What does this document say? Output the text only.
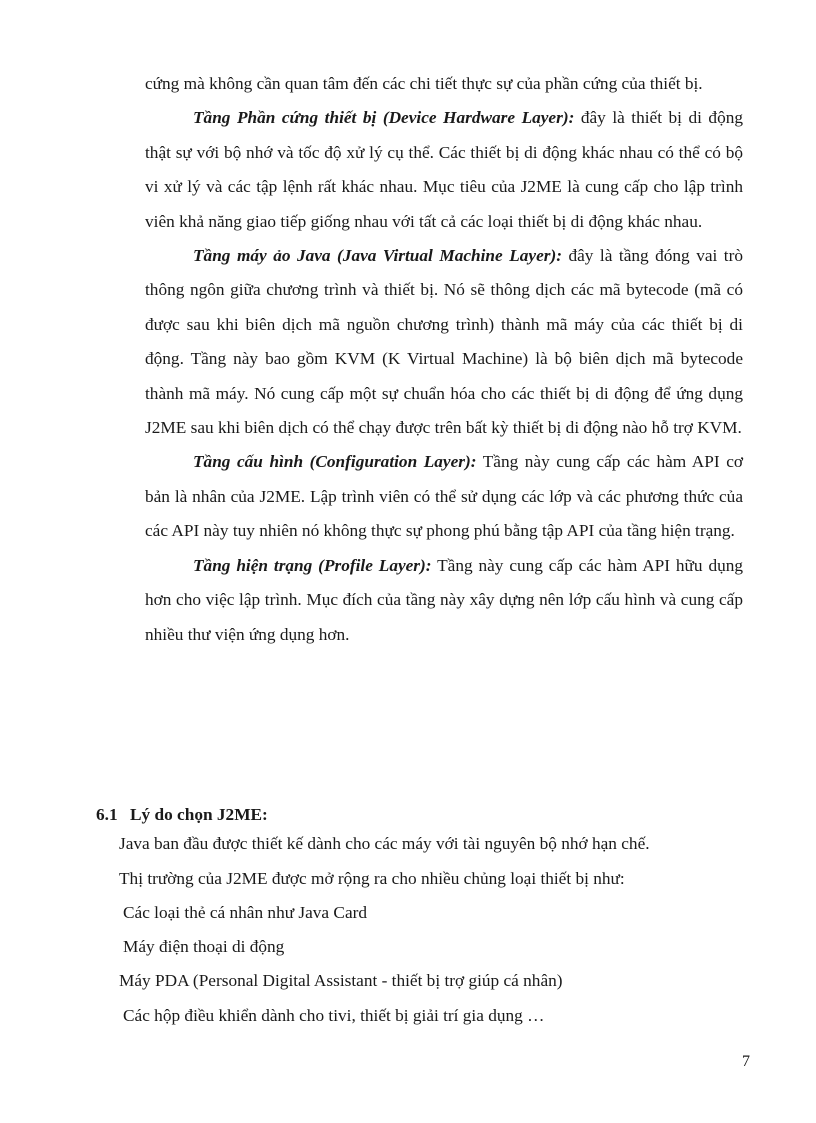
cứng mà không cần quan tâm đến các chi tiết thực sự của phần cứng của thiết bị.

Tầng Phần cứng thiết bị (Device Hardware Layer): đây là thiết bị di động thật sự với bộ nhớ và tốc độ xử lý cụ thể. Các thiết bị di động khác nhau có thể có bộ vi xử lý và các tập lệnh rất khác nhau. Mục tiêu của J2ME là cung cấp cho lập trình viên khả năng giao tiếp giống nhau với tất cả các loại thiết bị di động khác nhau.

Tầng máy ảo Java (Java Virtual Machine Layer): đây là tầng đóng vai trò thông ngôn giữa chương trình và thiết bị. Nó sẽ thông dịch các mã bytecode (mã có được sau khi biên dịch mã nguồn chương trình) thành mã máy của các thiết bị di động. Tầng này bao gồm KVM (K Virtual Machine) là bộ biên dịch mã bytecode thành mã máy. Nó cung cấp một sự chuẩn hóa cho các thiết bị di động để ứng dụng J2ME sau khi biên dịch có thể chạy được trên bất kỳ thiết bị di động nào hỗ trợ KVM.

Tầng cấu hình (Configuration Layer): Tầng này cung cấp các hàm API cơ bản là nhân của J2ME. Lập trình viên có thể sử dụng các lớp và các phương thức của các API này tuy nhiên nó không thực sự phong phú bằng tập API của tầng hiện trạng.

Tầng hiện trạng (Profile Layer): Tầng này cung cấp các hàm API hữu dụng hơn cho việc lập trình. Mục đích của tầng này xây dựng nên lớp cấu hình và cung cấp nhiều thư viện ứng dụng hơn.

6.1 Lý do chọn J2ME:

Java ban đầu được thiết kế dành cho các máy với tài nguyên bộ nhớ hạn chế.

Thị trường của J2ME được mở rộng ra cho nhiều chủng loại thiết bị như:

Các loại thẻ cá nhân như Java Card

Máy điện thoại di động

Máy PDA (Personal Digital Assistant - thiết bị trợ giúp cá nhân)

Các hộp điều khiển dành cho tivi, thiết bị giải trí gia dụng …

7
